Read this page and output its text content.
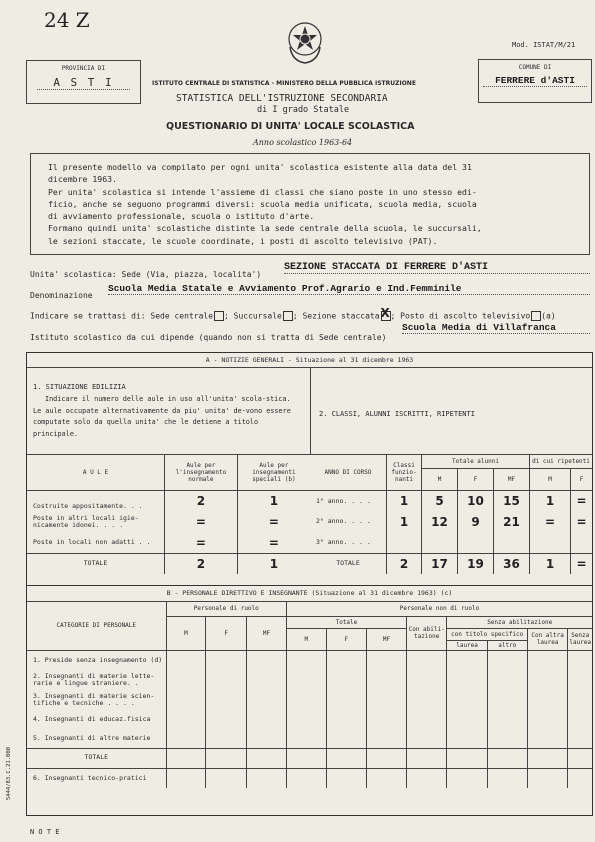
24 Z
Mod. ISTAT/M/21
PROVINCIA DI
A S T I
COMUNE DI
FERRERE d'ASTI
ISTITUTO CENTRALE DI STATISTICA - MINISTERO DELLA PUBBLICA ISTRUZIONE
STATISTICA DELL'ISTRUZIONE SECONDARIA
di I grado Statale
QUESTIONARIO DI UNITA' LOCALE SCOLASTICA
Anno scolastico 1963-64
Il presente modello va compilato per ogni unita' scolastica esistente alla data del 31
dicembre 1963.
Per unita' scolastica si intende l'assieme di classi che siano poste in uno stesso edi-
ficio, anche se seguono programmi diversi: scuola media unificata, scuola media, scuola
di avviamento professionale, scuola o istituto d'arte.
Formano quindi unita' scolastiche distinte la sede centrale della scuola, le succursali,
le sezioni staccate, le scuole coordinate, i posti di ascolto televisivo (PAT).
Unita' scolastica: Sede (Via, piazza, localita')
SEZIONE STACCATA DI FERRERE D'ASTI
Denominazione
Scuola Media Statale e Avviamento Prof.Agrario e Ind.Femminile
Indicare se trattasi di: Sede centrale ; Succursale ; Sezione staccata X ; Posto di ascolto televisivo (a)
Istituto scolastico da cui dipende (quando non si tratta di Sede centrale)
Scuola Media di Villafranca
A - NOTIZIE GENERALI - Situazione al 31 dicembre 1963
1. SITUAZIONE EDILIZIA
Indicare il numero delle aule in uso all'unita' scola-stica. Le aule occupate alternativamente da piu' unita' de-vono essere computate solo da quella unita' che le detiene a titolo principale.
2. CLASSI, ALUNNI ISCRITTI, RIPETENTI
A U L E	Aule per l'insegnamento normale	Aule per insegnamenti speciali (b)
Costruite appositamente. . .	2	1
Poste in altri locali igie-nicamente idonei. . . .	=	=
Poste in locali non adatti . .	=	=
TOTALE	2	1
ANNO DI CORSO	Classi funzio-nanti	Totale alunni			di cui ripetenti	
		M	F	MF	M	F
1° anno. . . .	1	5	10	15	1	=
2° anno. . . .	1	12	9	21	=	=
3° anno. . . .						
TOTALE	2	17	19	36	1	=
B - PERSONALE DIRETTIVO E INSEGNANTE (Situazione al 31 dicembre 1963) (c)
CATEGORIE DI PERSONALE	Personale di ruolo			Personale non di ruolo							
	M	F	MF	Totale			Con abili-tazione	Senza abilitazione			
				M	F	MF		con titolo specifico		Con altra laurea	Senza laurea
								laurea	altro		
1. Preside senza insegnamento (d)											
2. Insegnanti di materie lette-rarie e lingue straniere. .											
3. Insegnanti di materie scien-tifiche e tecniche . . . .											
4. Insegnanti di educaz.fisica											
5. Insegnanti di altre materie											
TOTALE											
6. Insegnanti tecnico-pratici											
5444/83.C.21.000
N O T E
